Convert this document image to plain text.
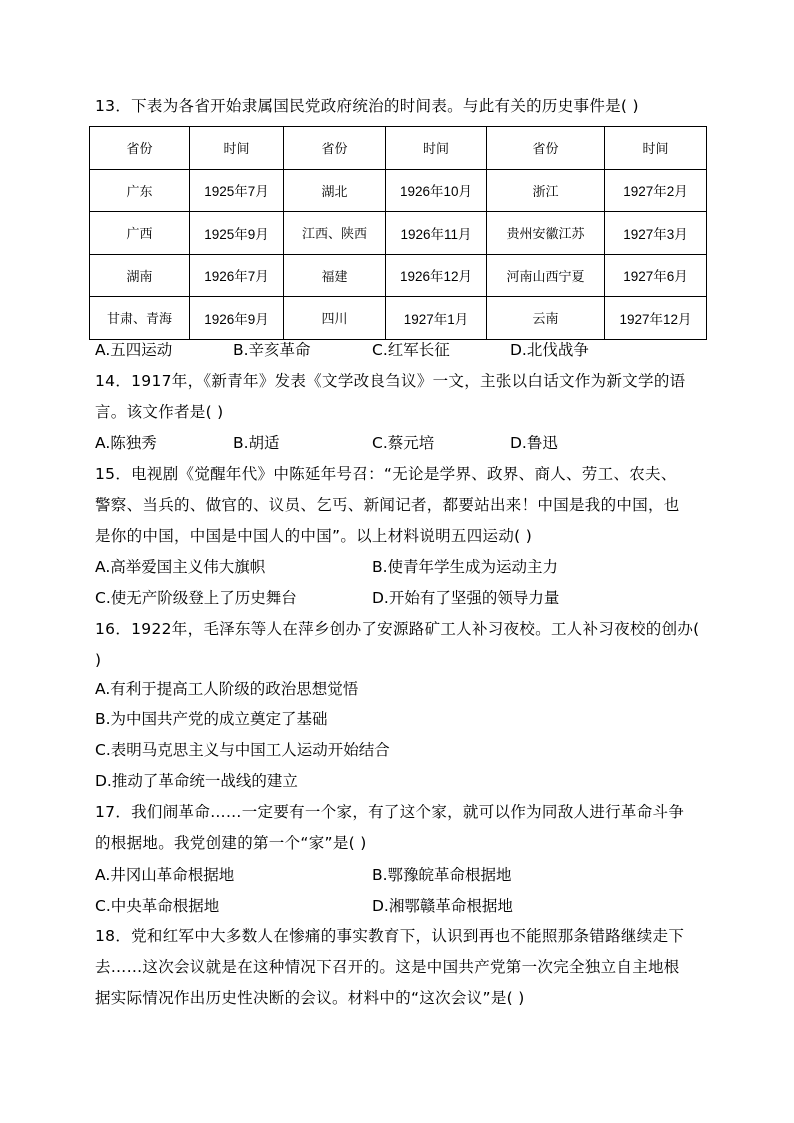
13．下表为各省开始隶属国民党政府统治的时间表。与此有关的历史事件是( )
省份	时间	省份	时间	省份	时间
广东	1925年7月	湖北	1926年10月	浙江	1927年2月
广西	1925年9月	江西、陕西	1926年11月	贵州安徽江苏	1927年3月
湖南	1926年7月	福建	1926年12月	河南山西宁夏	1927年6月
甘肃、青海	1926年9月	四川	1927年1月	云南	1927年12月
A.五四运动	B.辛亥革命	C.红军长征	D.北伐战争
14．1917年，《新青年》发表《文学改良刍议》一文，主张以白话文作为新文学的语
言。该文作者是( )
A.陈独秀	B.胡适	C.蔡元培	D.鲁迅
15．电视剧《觉醒年代》中陈延年号召：“无论是学界、政界、商人、劳工、农夫、
警察、当兵的、做官的、议员、乞丐、新闻记者，都要站出来！中国是我的中国，也
是你的中国，中国是中国人的中国”。以上材料说明五四运动( )
A.高举爱国主义伟大旗帜	B.使青年学生成为运动主力
C.使无产阶级登上了历史舞台	D.开始有了坚强的领导力量
16．1922年，毛泽东等人在萍乡创办了安源路矿工人补习夜校。工人补习夜校的创办(
)
A.有利于提高工人阶级的政治思想觉悟
B.为中国共产党的成立奠定了基础
C.表明马克思主义与中国工人运动开始结合
D.推动了革命统一战线的建立
17．我们闹革命……一定要有一个家，有了这个家，就可以作为同敌人进行革命斗争
的根据地。我党创建的第一个“家”是( )
A.井冈山革命根据地	B.鄂豫皖革命根据地
C.中央革命根据地	D.湘鄂赣革命根据地
18．党和红军中大多数人在惨痛的事实教育下，认识到再也不能照那条错路继续走下
去……这次会议就是在这种情况下召开的。这是中国共产党第一次完全独立自主地根
据实际情况作出历史性决断的会议。材料中的“这次会议”是( )
